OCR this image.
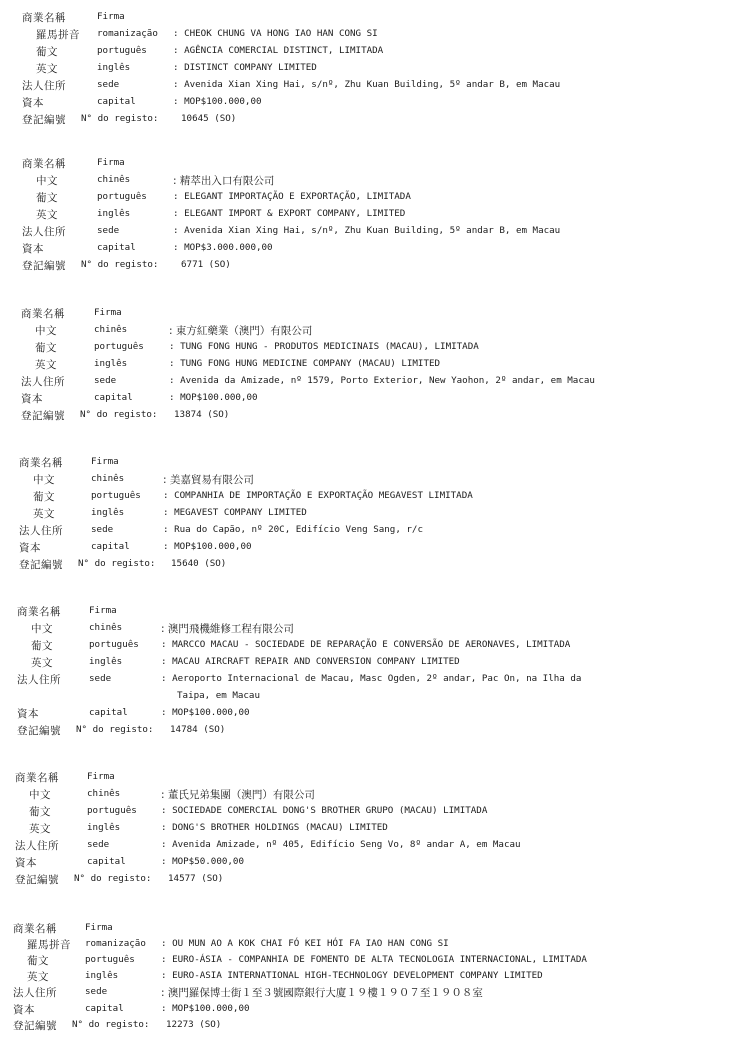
商業名稱	Firma
羅馬拼音 romanização : CHEOK CHUNG VA HONG IAO HAN CONG SI
葡文	português	: AGÊNCIA COMERCIAL DISTINCT, LIMITADA
英文	inglês	: DISTINCT COMPANY LIMITED
法人住所	sede	: Avenida Xian Xing Hai, s/nº, Zhu Kuan Building, 5º andar B, em Macau
資本	capital	: MOP$100.000,00
登記編號 N° do registo: 10645 (SO)
商業名稱	Firma
中文	chinês	: 精萃出入口有限公司
葡文	português	: ELEGANT IMPORTAÇÃO E EXPORTAÇÃO, LIMITADA
英文	inglês	: ELEGANT IMPORT & EXPORT COMPANY, LIMITED
法人住所	sede	: Avenida Xian Xing Hai, s/nº, Zhu Kuan Building, 5º andar B, em Macau
資本	capital	: MOP$3.000.000,00
登記編號 N° do registo: 6771 (SO)
商業名稱	Firma
中文	chinês	: 東方紅藥業（澳門）有限公司
葡文	português	: TUNG FONG HUNG - PRODUTOS MEDICINAIS (MACAU), LIMITADA
英文	inglês	: TUNG FONG HUNG MEDICINE COMPANY (MACAU) LIMITED
法人住所	sede	: Avenida da Amizade, nº 1579, Porto Exterior, New Yaohon, 2º andar, em Macau
資本	capital	: MOP$100.000,00
登記編號 N° do registo: 13874 (SO)
商業名稱	Firma
中文	chinês	: 美嘉貿易有限公司
葡文	português : COMPANHIA DE IMPORTAÇÃO E EXPORTAÇÃO MEGAVEST LIMITADA
英文	inglês	: MEGAVEST COMPANY LIMITED
法人住所	sede	: Rua do Capão, nº 20C, Edifício Veng Sang, r/c
資本	capital	: MOP$100.000,00
登記編號 N° do registo: 15640 (SO)
商業名稱	Firma
中文	chinês	: 澳門飛機維修工程有限公司
葡文	português : MARCCO MACAU - SOCIEDADE DE REPARAÇÃO E CONVERSÃO DE AERONAVES, LIMITADA
英文	inglês	: MACAU AIRCRAFT REPAIR AND CONVERSION COMPANY LIMITED
法人住所	sede	: Aeroporto Internacional de Macau, Masc Ogden, 2º andar, Pac On, na Ilha da
Taipa, em Macau
資本	capital	: MOP$100.000,00
登記編號 N° do registo: 14784 (SO)
商業名稱	Firma
中文	chinês	: 董氏兄弟集團（澳門）有限公司
葡文	português	: SOCIEDADE COMERCIAL DONG'S BROTHER GRUPO (MACAU) LIMITADA
英文	inglês	: DONG'S BROTHER HOLDINGS (MACAU) LIMITED
法人住所	sede	: Avenida Amizade, nº 405, Edifício Seng Vo, 8º andar A, em Macau
資本	capital	: MOP$50.000,00
登記編號 N° do registo: 14577 (SO)
商業名稱	Firma
羅馬拼音 romanização : OU MUN AO A KOK CHAI FÓ KEI HÓI FA IAO HAN CONG SI
葡文	português	: EURO-ÁSIA - COMPANHIA DE FOMENTO DE ALTA TECNOLOGIA INTERNACIONAL, LIMITADA
英文	inglês	: EURO-ASIA INTERNATIONAL HIGH-TECHNOLOGY DEVELOPMENT COMPANY LIMITED
法人住所	sede	: 澳門羅保博士街１至３號國際銀行大廈１９樓１９０７至１９０８室
資本	capital	: MOP$100.000,00
登記編號 N° do registo: 12273 (SO)
